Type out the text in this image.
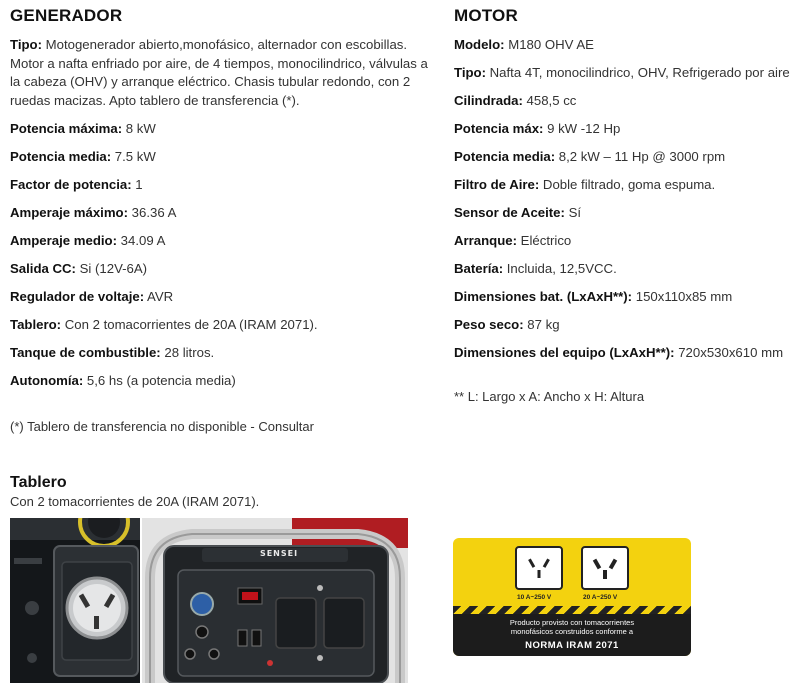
GENERADOR

Tipo: Motogenerador abierto,monofásico, alternador con escobillas. Motor a nafta enfriado por aire, de 4 tiempos, monocilindrico, válvulas a la cabeza (OHV) y arranque eléctrico. Chasis tubular redondo, con 2 ruedas macizas. Apto tablero de transferencia (*).

Potencia máxima: 8 kW

Potencia media: 7.5 kW

Factor de potencia: 1

Amperaje máximo: 36.36 A

Amperaje medio: 34.09 A

Salida CC: Si (12V-6A)

Regulador de voltaje: AVR

Tablero: Con 2 tomacorrientes de 20A (IRAM 2071).

Tanque de combustible: 28 litros.

Autonomía: 5,6 hs (a potencia media)

(*) Tablero de transferencia no disponible - Consultar

MOTOR

Modelo: M180 OHV AE

Tipo: Nafta 4T, monocilindrico, OHV, Refrigerado por aire

Cilindrada: 458,5 cc

Potencia máx: 9 kW -12 Hp

Potencia media: 8,2 kW – 11 Hp @ 3000 rpm

Filtro de Aire: Doble filtrado, goma espuma.

Sensor de Aceite: Sí

Arranque: Eléctrico

Batería: Incluida, 12,5VCC.

Dimensiones bat. (LxAxH**): 150x110x85 mm

Peso seco: 87 kg

Dimensiones del equipo (LxAxH**): 720x530x610 mm

** L: Largo x A: Ancho x H: Altura

Tablero
Con 2 tomacorrientes de 20A (IRAM 2071).
SENSEI
10 A~250 V	20 A~250 V
Producto provisto con tomacorrientes
monofásicos construidos conforme a
NORMA IRAM 2071
